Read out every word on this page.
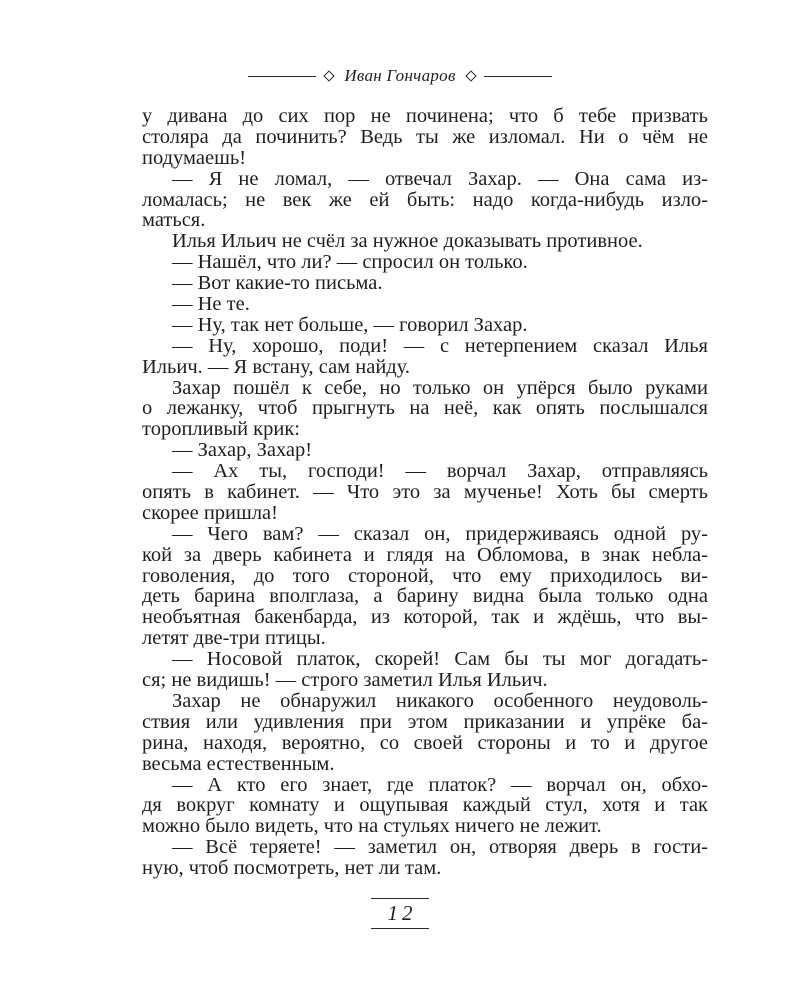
Иван Гончаров
у дивана до сих пор не починена; что б тебе призвать
столяра да починить? Ведь ты же изломал. Ни о чём не
подумаешь!
— Я не ломал, — отвечал Захар. — Она сама из-
ломалась; не век же ей быть: надо когда-нибудь изло-
маться.
Илья Ильич не счёл за нужное доказывать противное.
— Нашёл, что ли? — спросил он только.
— Вот какие-то письма.
— Не те.
— Ну, так нет больше, — говорил Захар.
— Ну, хорошо, поди! — с нетерпением сказал Илья
Ильич. — Я встану, сам найду.
Захар пошёл к себе, но только он упёрся было руками
о лежанку, чтоб прыгнуть на неё, как опять послышался
торопливый крик:
— Захар, Захар!
— Ах ты, господи! — ворчал Захар, отправляясь
опять в кабинет. — Что это за мученье! Хоть бы смерть
скорее пришла!
— Чего вам? — сказал он, придерживаясь одной ру-
кой за дверь кабинета и глядя на Обломова, в знак небла-
говоления, до того стороной, что ему приходилось ви-
деть барина вполглаза, а барину видна была только одна
необъятная бакенбарда, из которой, так и ждёшь, что вы-
летят две-три птицы.
— Носовой платок, скорей! Сам бы ты мог догадать-
ся; не видишь! — строго заметил Илья Ильич.
Захар не обнаружил никакого особенного неудоволь-
ствия или удивления при этом приказании и упрёке ба-
рина, находя, вероятно, со своей стороны и то и другое
весьма естественным.
— А кто его знает, где платок? — ворчал он, обхо-
дя вокруг комнату и ощупывая каждый стул, хотя и так
можно было видеть, что на стульях ничего не лежит.
— Всё теряете! — заметил он, отворяя дверь в гости-
ную, чтоб посмотреть, нет ли там.
12
